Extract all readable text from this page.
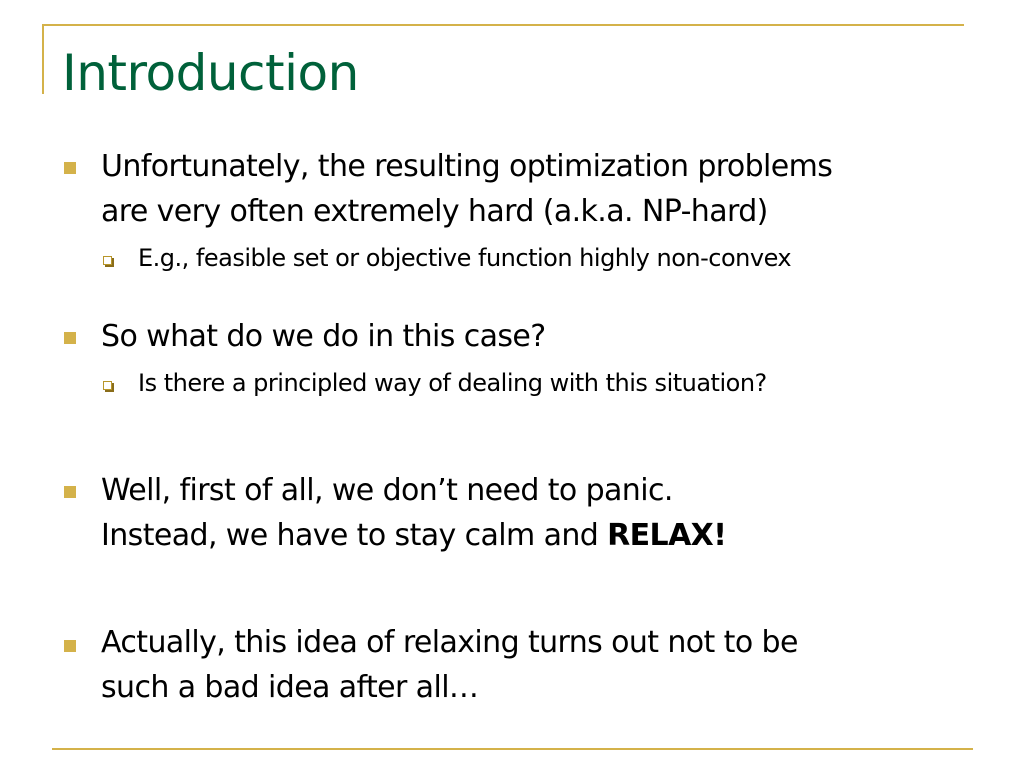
Introduction
Unfortunately, the resulting optimization problems
are very often extremely hard (a.k.a. NP-hard)
E.g., feasible set or objective function highly non-convex
So what do we do in this case?
Is there a principled way of dealing with this situation?
Well, first of all, we don’t need to panic.
Instead, we have to stay calm and RELAX!
Actually, this idea of relaxing turns out not to be
such a bad idea after all…
